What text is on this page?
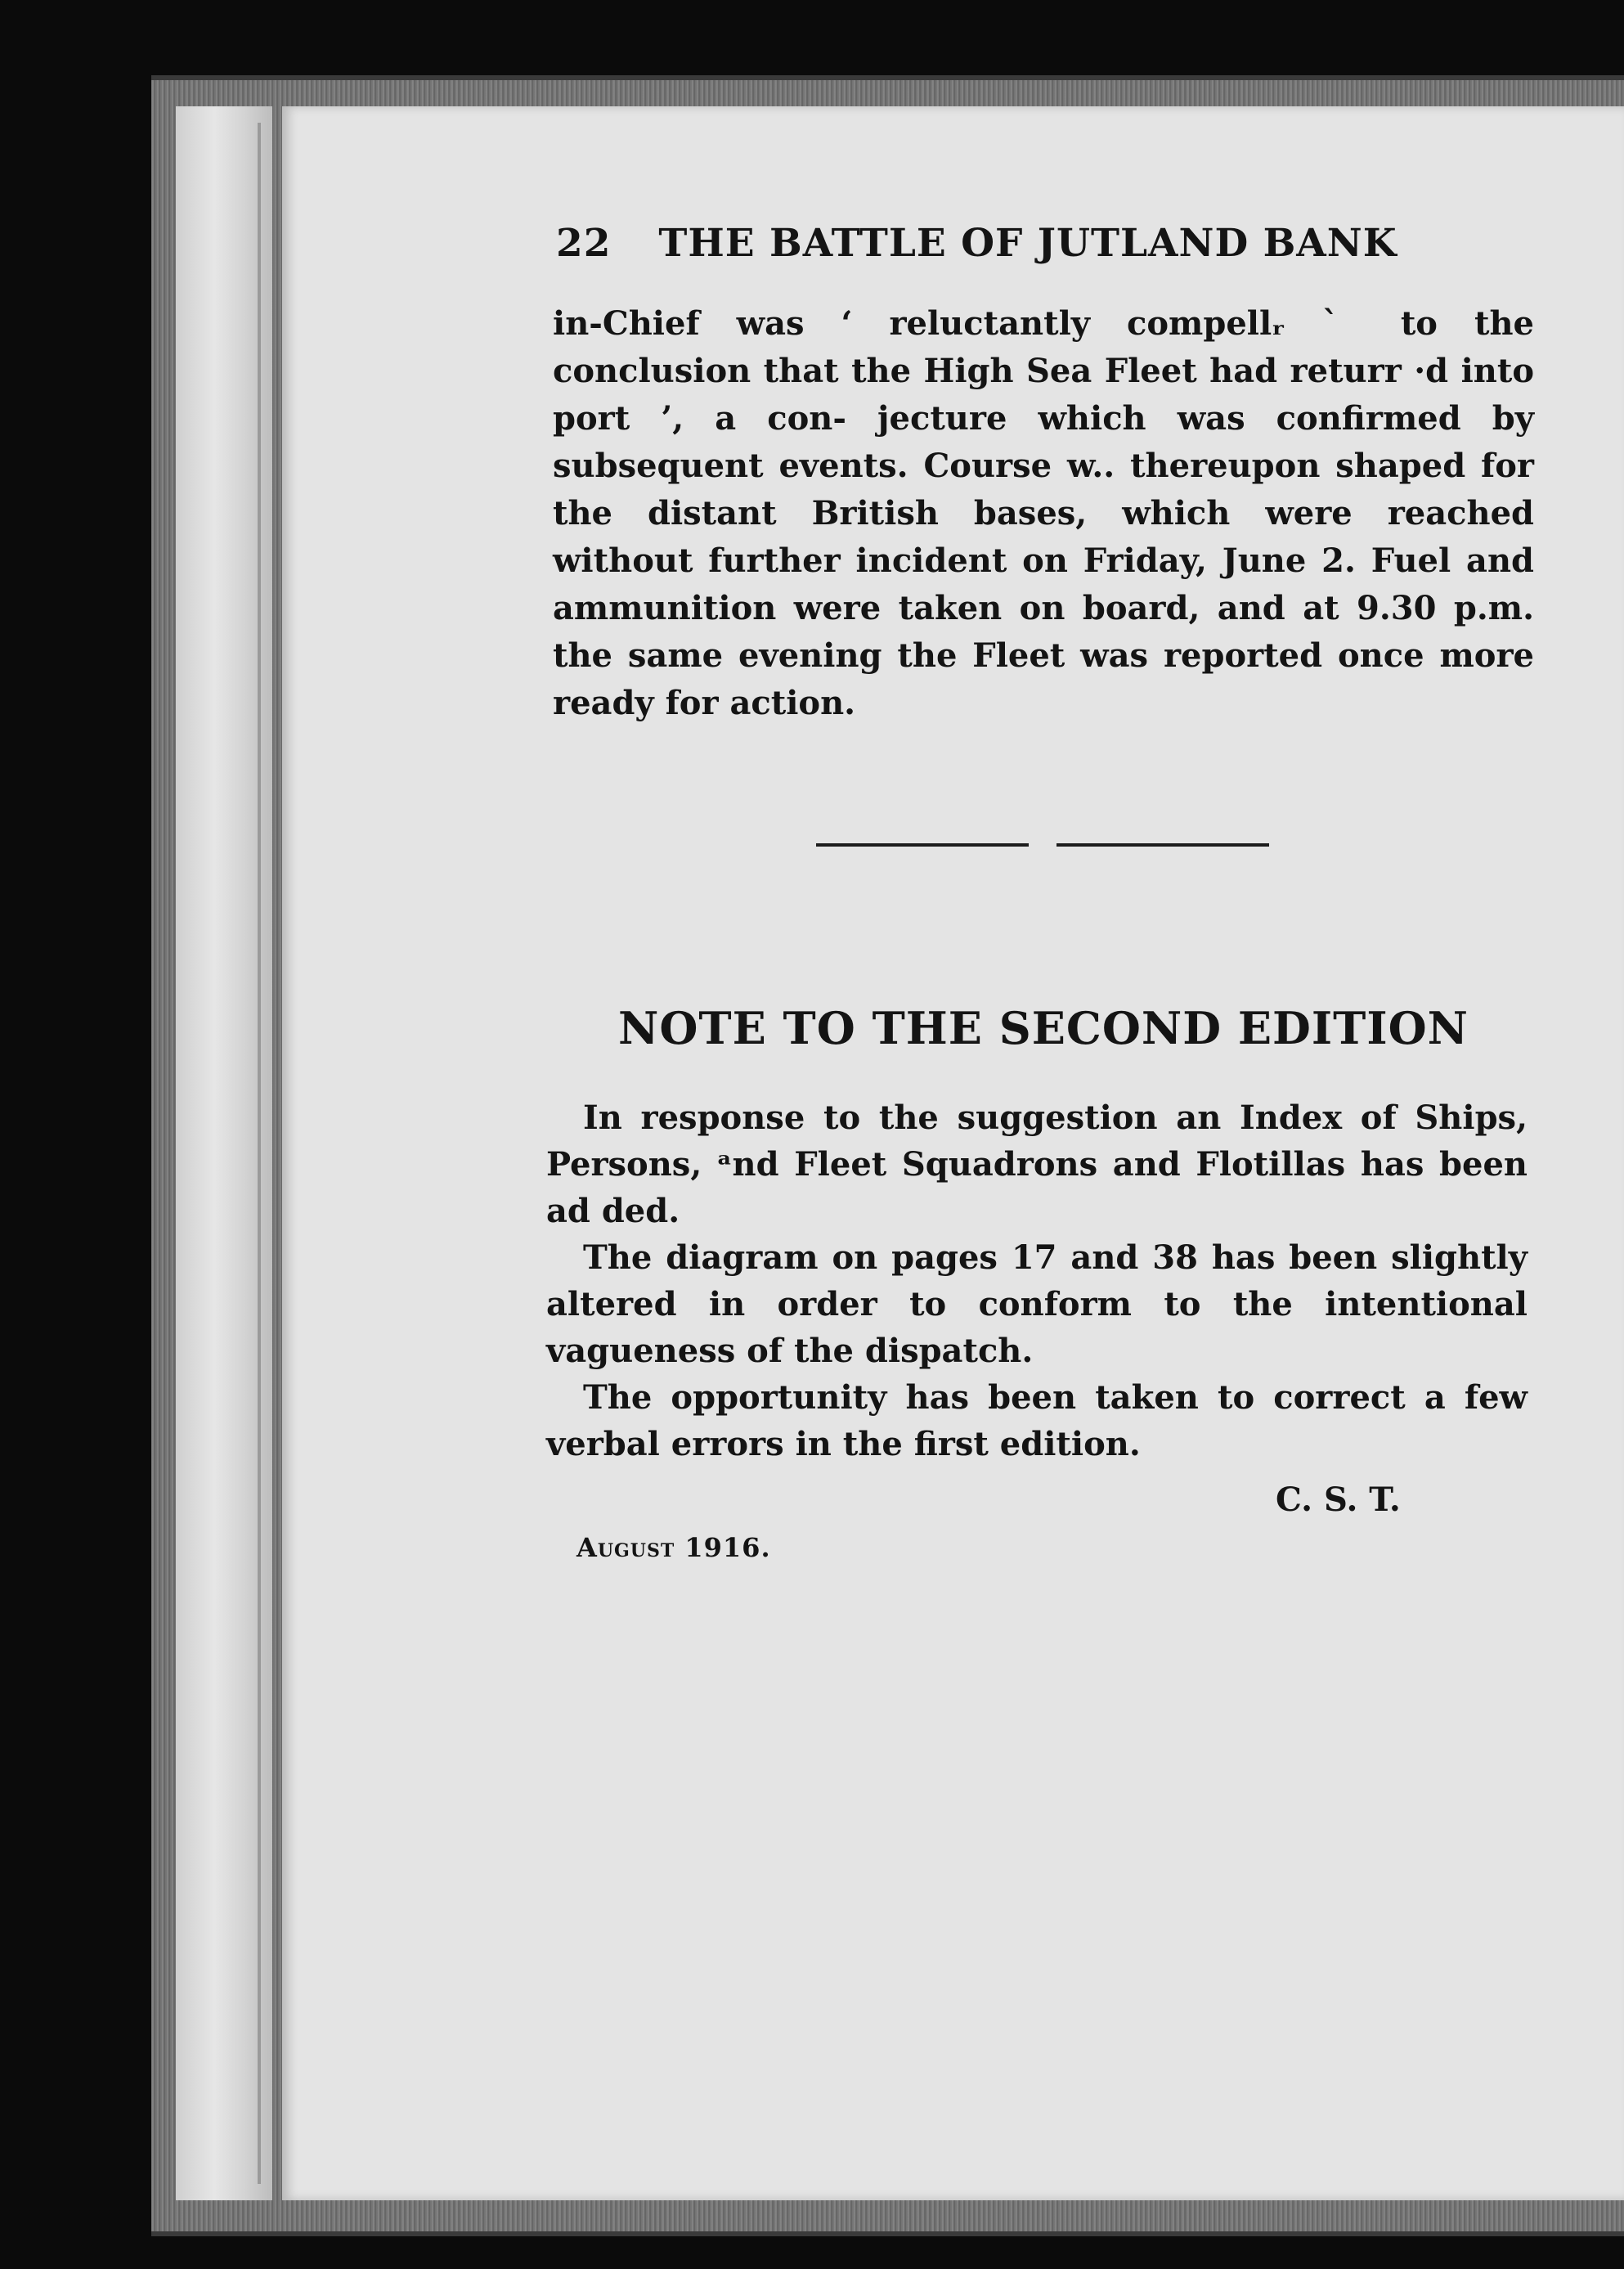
22 THE BATTLE OF JUTLAND BANK
in-Chief was ‘ reluctantly compellᵣ ˋ to the conclusion that the High Sea Fleet had returr ·d into port ’, a con- jecture which was confirmed by subsequent events. Course w.. thereupon shaped for the distant British bases, which were reached without further incident on Friday, June 2. Fuel and ammunition were taken on board, and at 9.30 p.m. the same evening the Fleet was reported once more ready for action.
NOTE TO THE SECOND EDITION

In response to the suggestion an Index of Ships, Persons, ᵃnd Fleet Squadrons and Flotillas has been ad ded.

The diagram on pages 17 and 38 has been slightly altered in order to conform to the intentional vagueness of the dispatch.

The opportunity has been taken to correct a few verbal errors in the first edition.

C. S. T.
August 1916.
